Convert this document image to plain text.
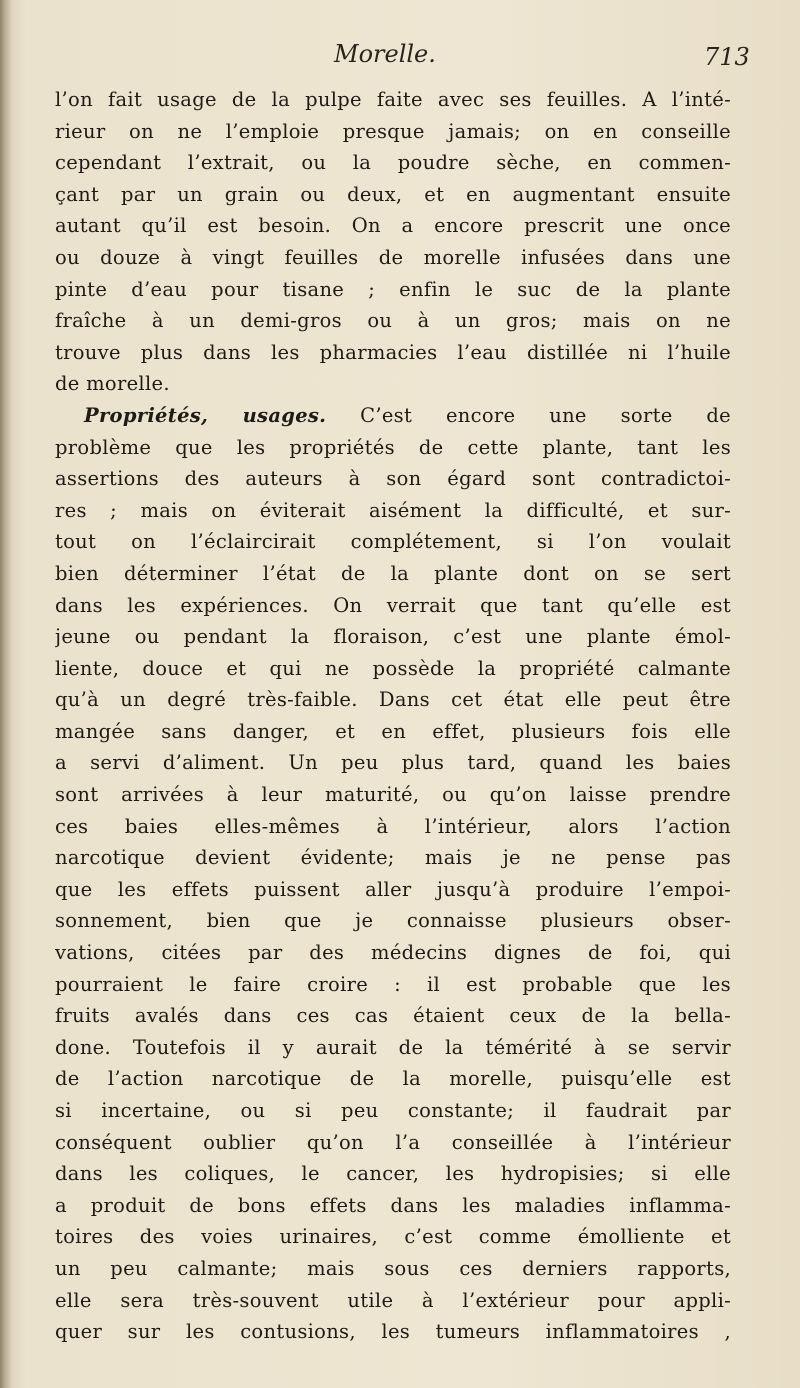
Morelle.	713
l’on fait usage de la pulpe faite avec ses feuilles. A l’inté-
rieur on ne l’emploie presque jamais; on en conseille
cependant l’extrait, ou la poudre sèche, en commen-
çant par un grain ou deux, et en augmentant ensuite
autant qu’il est besoin. On a encore prescrit une once
ou douze à vingt feuilles de morelle infusées dans une
pinte d’eau pour tisane ; enfin le suc de la plante
fraîche à un demi-gros ou à un gros; mais on ne
trouve plus dans les pharmacies l’eau distillée ni l’huile
de morelle.
Propriétés, usages. C’est encore une sorte de
problème que les propriétés de cette plante, tant les
assertions des auteurs à son égard sont contradictoi-
res ; mais on éviterait aisément la difficulté, et sur-
tout on l’éclaircirait complétement, si l’on voulait
bien déterminer l’état de la plante dont on se sert
dans les expériences. On verrait que tant qu’elle est
jeune ou pendant la floraison, c’est une plante émol-
liente, douce et qui ne possède la propriété calmante
qu’à un degré très-faible. Dans cet état elle peut être
mangée sans danger, et en effet, plusieurs fois elle
a servi d’aliment. Un peu plus tard, quand les baies
sont arrivées à leur maturité, ou qu’on laisse prendre
ces baies elles-mêmes à l’intérieur, alors l’action
narcotique devient évidente; mais je ne pense pas
que les effets puissent aller jusqu’à produire l’empoi-
sonnement, bien que je connaisse plusieurs obser-
vations, citées par des médecins dignes de foi, qui
pourraient le faire croire : il est probable que les
fruits avalés dans ces cas étaient ceux de la bella-
done. Toutefois il y aurait de la témérité à se servir
de l’action narcotique de la morelle, puisqu’elle est
si incertaine, ou si peu constante; il faudrait par
conséquent oublier qu’on l’a conseillée à l’intérieur
dans les coliques, le cancer, les hydropisies; si elle
a produit de bons effets dans les maladies inflamma-
toires des voies urinaires, c’est comme émolliente et
un peu calmante; mais sous ces derniers rapports,
elle sera très-souvent utile à l’extérieur pour appli-
quer sur les contusions, les tumeurs inflammatoires ,
